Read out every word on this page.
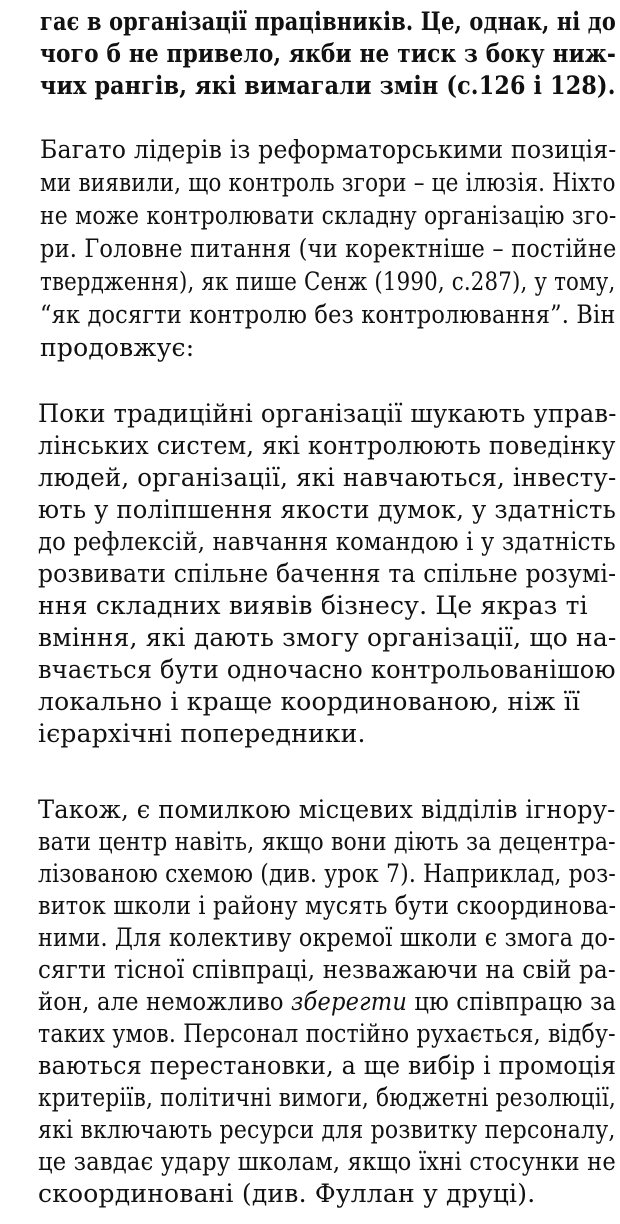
гає в організації працівників. Це, однак, ні до
чого б не привело, якби не тиск з боку ниж-
чих рангів, які вимагали змін (с.126 і 128).
Багато лідерів із реформаторськими позиція-
ми виявили, що контроль згори – це ілюзія. Ніхто
не може контролювати складну організацію зго-
ри. Головне питання (чи коректніше – постійне
твердження), як пише Сенж (1990, с.287), у тому,
“як досягти контролю без контролювання”. Він
продовжує:
Поки традиційні організації шукають управ-
лінських систем, які контролюють поведінку
людей, організації, які навчаються, інвесту-
ють у поліпшення якости думок, у здатність
до рефлексій, навчання командою і у здатність
розвивати спільне бачення та спільне розумі-
ння складних виявів бізнесу. Це якраз ті
вміння, які дають змогу організації, що на-
вчається бути одночасно контрольованішою
локально і краще координованою, ніж її
ієрархічні попередники.
Також, є помилкою місцевих відділів ігнору-
вати центр навіть, якщо вони діють за децентра-
лізованою схемою (див. урок 7). Наприклад, роз-
виток школи і району мусять бути скоординова-
ними. Для колективу окремої школи є змога до-
сягти тісної співпраці, незважаючи на свій ра-
йон, але неможливо зберегти цю співпрацю за
таких умов. Персонал постійно рухається, відбу-
ваються перестановки, а ще вибір і промоція
критеріїв, політичні вимоги, бюджетні резолюції,
які включають ресурси для розвитку персоналу,
це завдає удару школам, якщо їхні стосунки не
скоординовані (див. Фуллан у друці).
